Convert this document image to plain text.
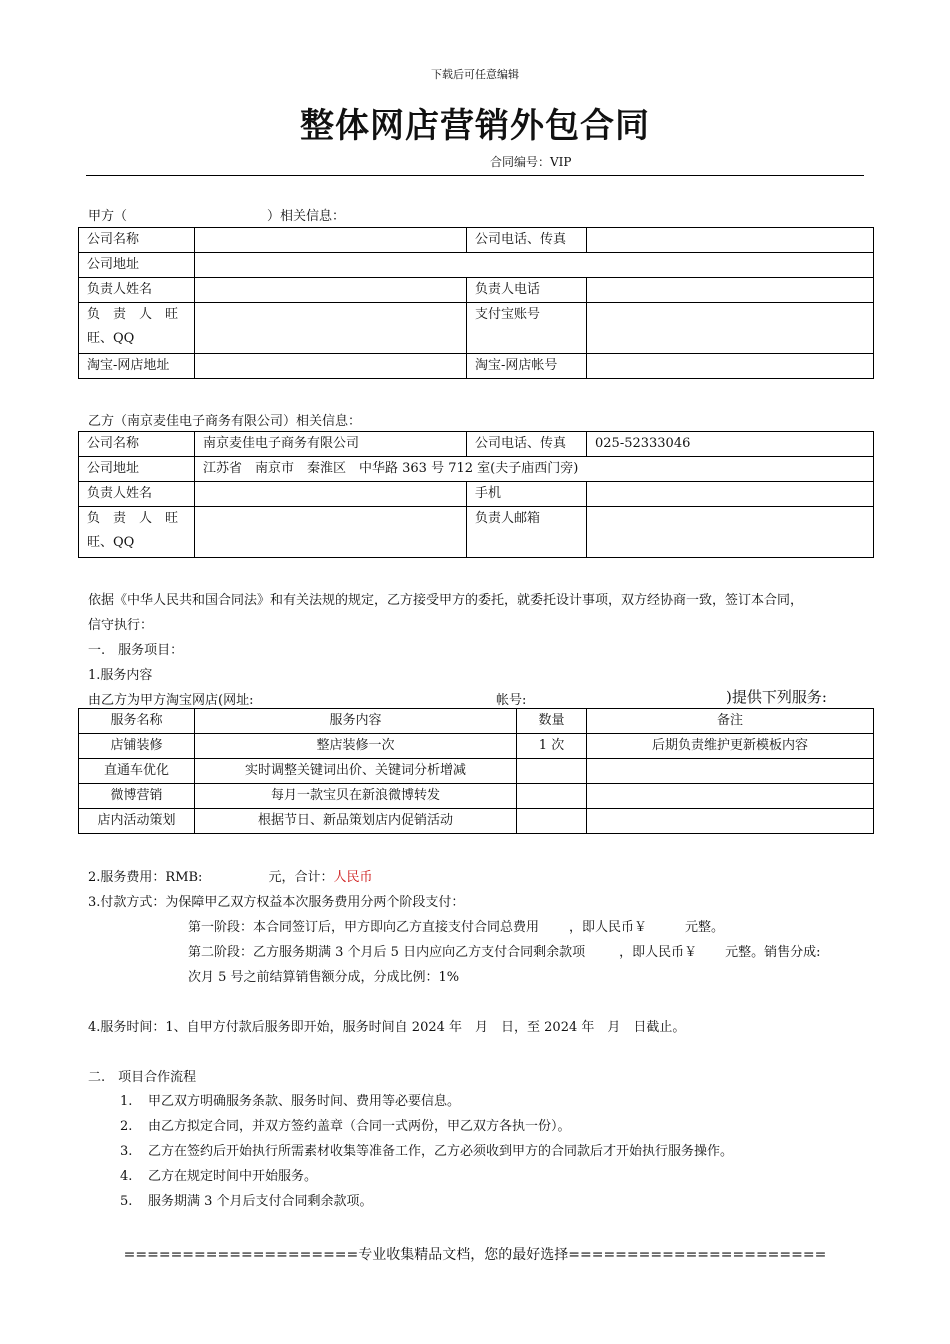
下载后可任意编辑
整体网店营销外包合同
合同编号：VIP
甲方（	）相关信息：
公司名称		公司电话、传真	
公司地址			
负责人姓名		负责人电话	
负　责　人　旺
旺、QQ		支付宝账号	
淘宝-网店地址		淘宝-网店帐号	
乙方（南京麦佳电子商务有限公司）相关信息：
公司名称	南京麦佳电子商务有限公司	公司电话、传真	025-52333046
公司地址	江苏省　南京市　秦淮区　中华路 363 号 712 室(夫子庙西门旁)		
负责人姓名		手机	
负　责　人　旺
旺、QQ		负责人邮箱	
依据《中华人民共和国合同法》和有关法规的规定，乙方接受甲方的委托，就委托设计事项，双方经协商一致，签订本合同，
信守执行：
一.　服务项目：
1.服务内容
由乙方为甲方淘宝网店(网址:	帐号:	)提供下列服务:
服务名称	服务内容	数量	备注
店铺装修	整店装修一次	1 次	后期负责维护更新模板内容
直通车优化	实时调整关键词出价、关键词分析增减		
微博营销	每月一款宝贝在新浪微博转发		
店内活动策划	根据节日、新品策划店内促销活动		
2.服务费用：RMB:	元，合计：人民币
3.付款方式：为保障甲乙双方权益本次服务费用分两个阶段支付：
第一阶段：本合同签订后，甲方即向乙方直接支付合同总费用 ，即人民币￥	元整。
第二阶段：乙方服务期满 3 个月后 5 日内应向乙方支付合同剩余款项	，即人民币￥ 元整。销售分成:
次月 5 号之前结算销售额分成，分成比例：1%
4.服务时间：1、自甲方付款后服务即开始，服务时间自 2024 年　月　日，至 2024 年　月　日截止。
二.　项目合作流程
1. 甲乙双方明确服务条款、服务时间、费用等必要信息。
2. 由乙方拟定合同，并双方签约盖章（合同一式两份，甲乙双方各执一份）。
3. 乙方在签约后开始执行所需素材收集等准备工作，乙方必须收到甲方的合同款后才开始执行服务操作。
4. 乙方在规定时间中开始服务。
5. 服务期满 3 个月后支付合同剩余款项。
====================专业收集精品文档，您的最好选择======================
